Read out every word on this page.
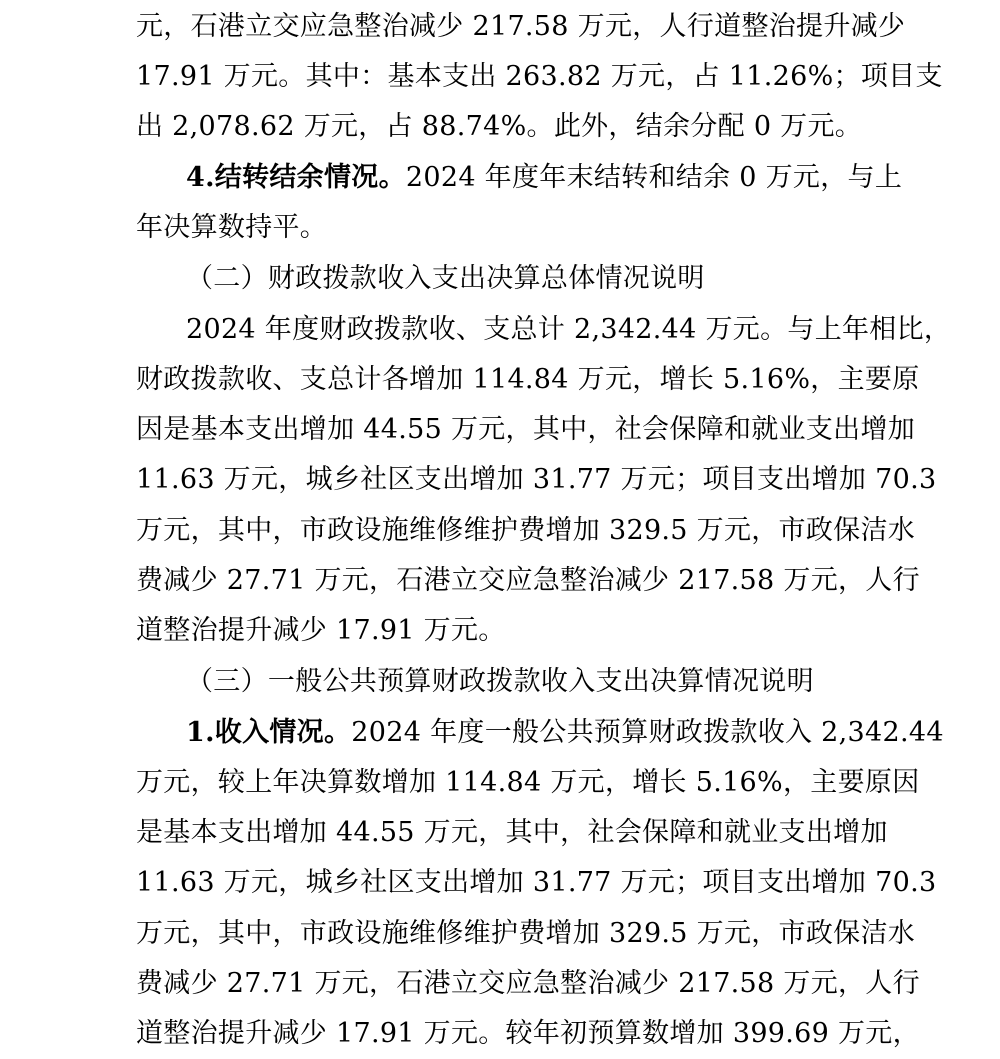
元，石港立交应急整治减少 217.58 万元，人行道整治提升减少
17.91 万元。其中：基本支出 263.82 万元，占 11.26%；项目支
出 2,078.62 万元，占 88.74%。此外，结余分配 0 万元。
4.结转结余情况。2024 年度年末结转和结余 0 万元，与上
年决算数持平。
（二）财政拨款收入支出决算总体情况说明
2024 年度财政拨款收、支总计 2,342.44 万元。与上年相比，
财政拨款收、支总计各增加 114.84 万元，增长 5.16%，主要原
因是基本支出增加 44.55 万元，其中，社会保障和就业支出增加
11.63 万元，城乡社区支出增加 31.77 万元；项目支出增加 70.3
万元，其中，市政设施维修维护费增加 329.5 万元，市政保洁水
费减少 27.71 万元，石港立交应急整治减少 217.58 万元，人行
道整治提升减少 17.91 万元。
（三）一般公共预算财政拨款收入支出决算情况说明
1.收入情况。2024 年度一般公共预算财政拨款收入 2,342.44
万元，较上年决算数增加 114.84 万元，增长 5.16%，主要原因
是基本支出增加 44.55 万元，其中，社会保障和就业支出增加
11.63 万元，城乡社区支出增加 31.77 万元；项目支出增加 70.3
万元，其中，市政设施维修维护费增加 329.5 万元，市政保洁水
费减少 27.71 万元，石港立交应急整治减少 217.58 万元，人行
道整治提升减少 17.91 万元。较年初预算数增加 399.69 万元，
